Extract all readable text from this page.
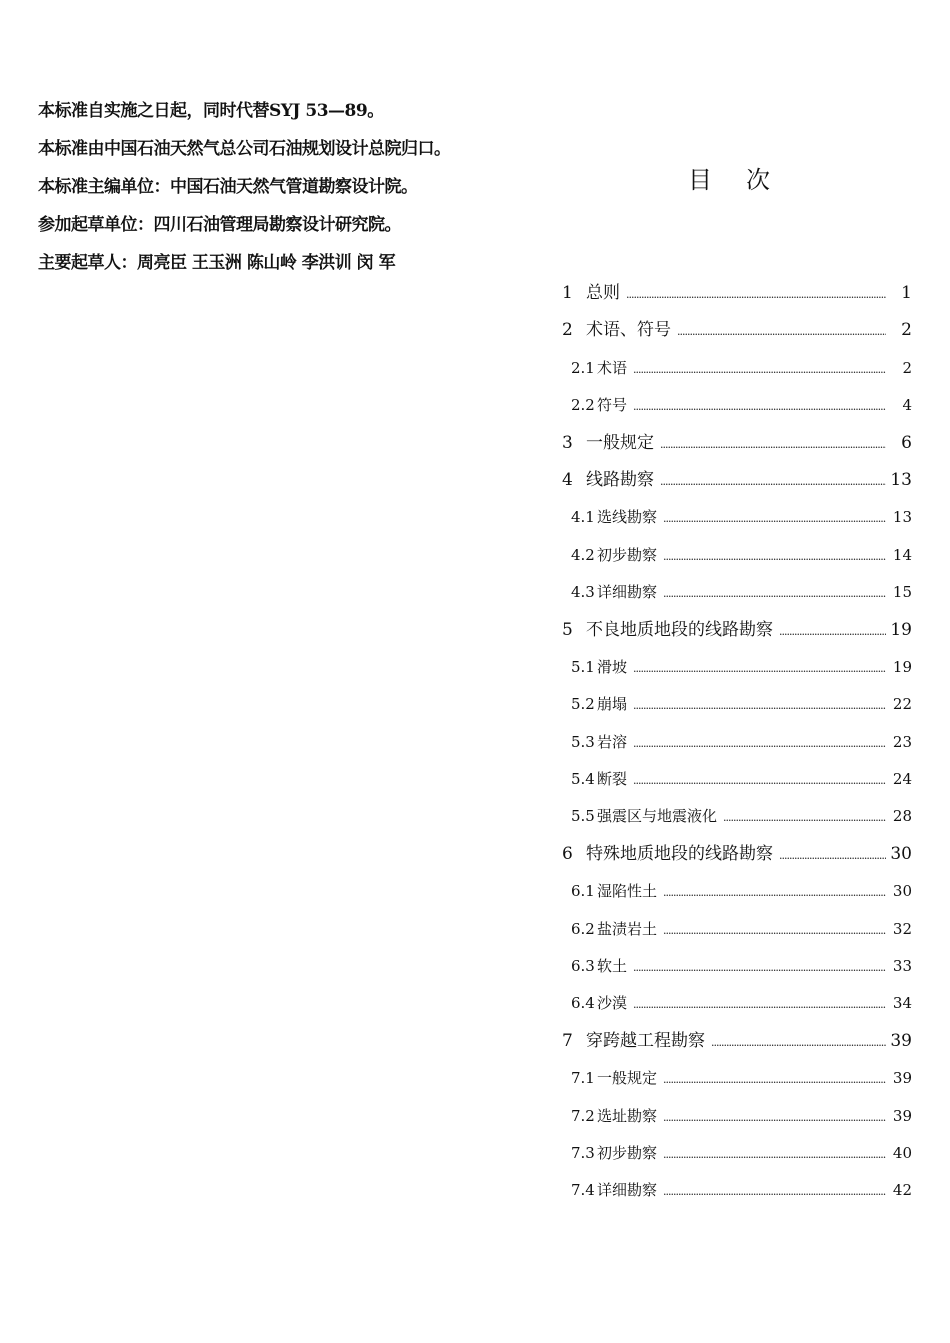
本标准自实施之日起，同时代替SYJ 53—89。

本标准由中国石油天然气总公司石油规划设计总院归口。

本标准主编单位：中国石油天然气管道勘察设计院。

参加起草单位：四川石油管理局勘察设计研究院。

主要起草人：周亮臣 王玉洲 陈山岭 李洪训 闵 军

目次
1 总则 .....	1
2 术语、符号 .....	2
2.1 术语 .....	2
2.2 符号 .....	4
3 一般规定 .....	6
4 线路勘察 .....	13
4.1 选线勘察 .....	13
4.2 初步勘察 .....	14
4.3 详细勘察 .....	15
5 不良地质地段的线路勘察 .....	19
5.1 滑坡 .....	19
5.2 崩塌 .....	22
5.3 岩溶 .....	23
5.4 断裂 .....	24
5.5 强震区与地震液化 .....	28
6 特殊地质地段的线路勘察 .....	30
6.1 湿陷性土 .....	30
6.2 盐渍岩土 .....	32
6.3 软土 .....	33
6.4 沙漠 .....	34
7 穿跨越工程勘察 .....	39
7.1 一般规定 .....	39
7.2 选址勘察 .....	39
7.3 初步勘察 .....	40
7.4 详细勘察 .....	42
